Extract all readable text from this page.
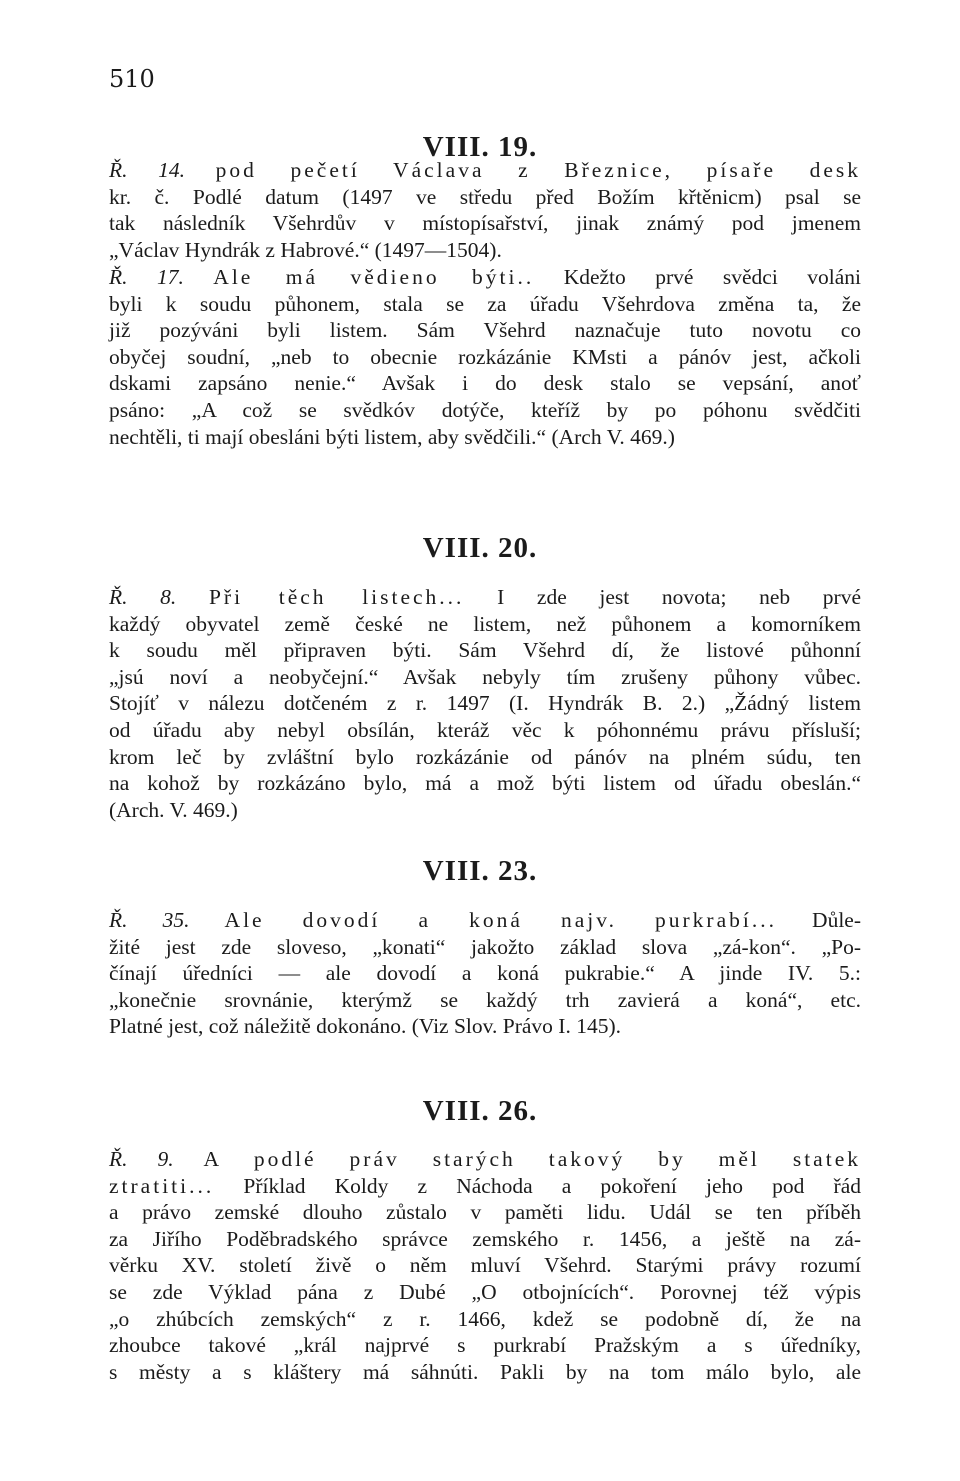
510
VIII. 19.
Ř. 14. pod pečetí Václava z Březnice, písaře desk
kr. č. Podlé datum (1497 ve středu před Božím křtěnicm) psal se
tak následník Všehrdův v místopísařství, jinak známý pod jmenem
„Václav Hyndrák z Habrové.“ (1497—1504).
Ř. 17. Ale má vědieno býti.. Kdežto prvé svědci voláni
byli k soudu půhonem, stala se za úřadu Všehrdova změna ta, že
již pozýváni byli listem. Sám Všehrd naznačuje tuto novotu co
obyčej soudní, „neb to obecnie rozkázánie KMsti a pánóv jest, ačkoli
dskami zapsáno nenie.“ Avšak i do desk stalo se vepsání, anoť
psáno: „A což se svědkóv dotýče, kteříž by po póhonu svědčiti
nechtěli, ti mají obesláni býti listem, aby svědčili.“ (Arch V. 469.)
VIII. 20.
Ř. 8. Při těch listech... I zde jest novota; neb prvé
každý obyvatel země české ne listem, než půhonem a komorníkem
k soudu měl připraven býti. Sám Všehrd dí, že listové půhonní
„jsú noví a neobyčejní.“ Avšak nebyly tím zrušeny půhony vůbec.
Stojíť v nálezu dotčeném z r. 1497 (I. Hyndrák B. 2.) „Žádný listem
od úřadu aby nebyl obsílán, kteráž věc k póhonnému právu přísluší;
krom leč by zvláštní bylo rozkázánie od pánóv na plném súdu, ten
na kohož by rozkázáno bylo, má a mož býti listem od úřadu obeslán.“
(Arch. V. 469.)
VIII. 23.
Ř. 35. Ale dovodí a koná najv. purkrabí... Důle-
žité jest zde sloveso, „konati“ jakožto základ slova „zá-kon“. „Po-
čínají úředníci — ale dovodí a koná pukrabie.“ A jinde IV. 5.:
„konečnie srovnánie, kterýmž se každý trh zavierá a koná“, etc.
Platné jest, což náležitě dokonáno. (Viz Slov. Právo I. 145).
VIII. 26.
Ř. 9. A podlé práv starých takový by měl statek
ztratiti... Příklad Koldy z Náchoda a pokoření jeho pod řád
a právo zemské dlouho zůstalo v paměti lidu. Udál se ten příběh
za Jiřího Poděbradského správce zemského r. 1456, a ještě na zá-
věrku XV. století živě o něm mluví Všehrd. Starými právy rozumí
se zde Výklad pána z Dubé „O otbojnících“. Porovnej též výpis
„o zhúbcích zemských“ z r. 1466, kdež se podobně dí, že na
zhoubce takové „král najprvé s purkrabí Pražským a s úředníky,
s městy a s kláštery má sáhnúti. Pakli by na tom málo bylo, ale
